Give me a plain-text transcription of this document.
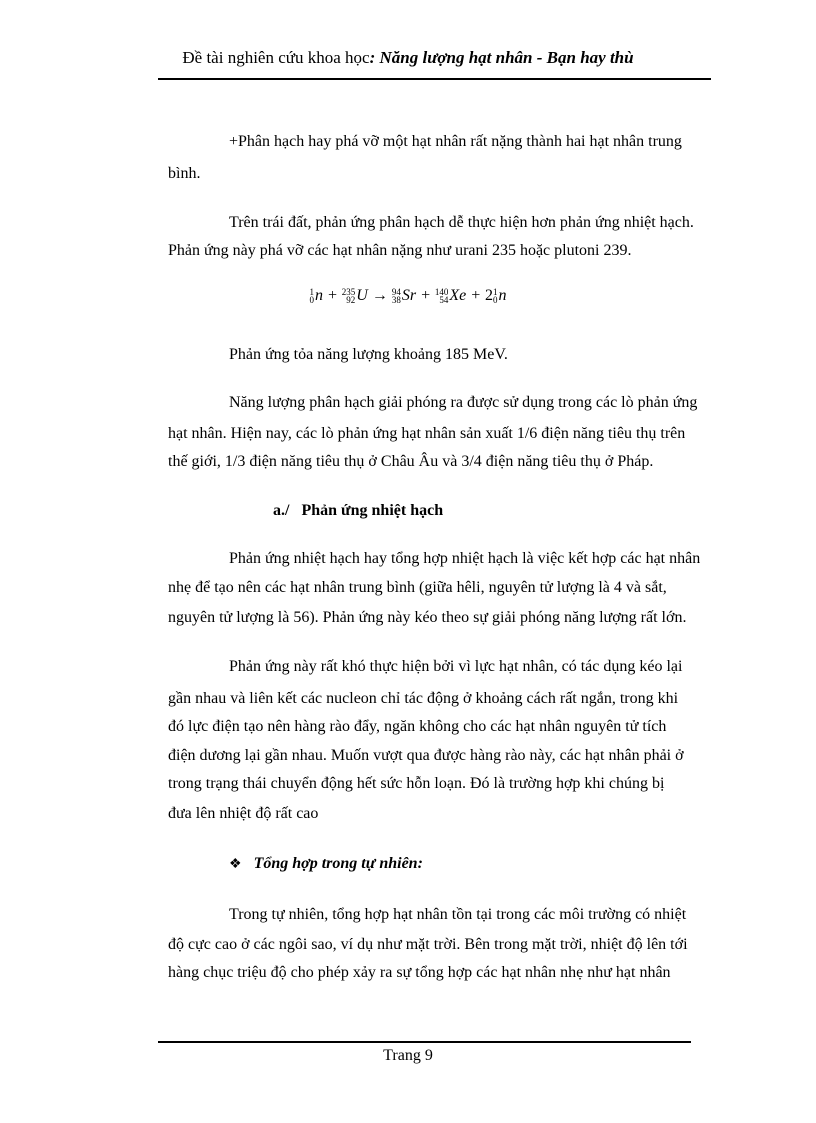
Đề tài nghiên cứu khoa học: Năng lượng hạt nhân - Bạn hay thù
+Phân hạch hay phá vỡ một hạt nhân rất nặng thành hai hạt nhân trung
bình.
Trên trái đất, phản ứng phân hạch dễ thực hiện hơn phản ứng nhiệt hạch.
Phản ứng này phá vỡ các hạt nhân nặng như urani 235 hoặc plutoni 239.
1
0 n + 235
92 U → 94
38 Sr + 140
54 Xe + 2 1
0 n
Phản ứng tỏa năng lượng khoảng 185 MeV.
Năng lượng phân hạch giải phóng ra được sử dụng trong các lò phản ứng
hạt nhân. Hiện nay, các lò phản ứng hạt nhân sản xuất 1/6 điện năng tiêu thụ trên
thế giới, 1/3 điện năng tiêu thụ ở Châu Âu và 3/4 điện năng tiêu thụ ở Pháp.
a./ Phản ứng nhiệt hạch
Phản ứng nhiệt hạch hay tổng hợp nhiệt hạch là việc kết hợp các hạt nhân
nhẹ để tạo nên các hạt nhân trung bình (giữa hêli, nguyên tử lượng là 4 và sắt,
nguyên tử lượng là 56). Phản ứng này kéo theo sự giải phóng năng lượng rất lớn.
Phản ứng này rất khó thực hiện bởi vì lực hạt nhân, có tác dụng kéo lại
gần nhau và liên kết các nucleon chỉ tác động ở khoảng cách rất ngắn, trong khi
đó lực điện tạo nên hàng rào đẩy, ngăn không cho các hạt nhân nguyên tử tích
điện dương lại gần nhau. Muốn vượt qua được hàng rào này, các hạt nhân phải ở
trong trạng thái chuyển động hết sức hỗn loạn. Đó là trường hợp khi chúng bị
đưa lên nhiệt độ rất cao
❖ Tổng hợp trong tự nhiên:
Trong tự nhiên, tổng hợp hạt nhân tồn tại trong các môi trường có nhiệt
độ cực cao ở các ngôi sao, ví dụ như mặt trời. Bên trong mặt trời, nhiệt độ lên tới
hàng chục triệu độ cho phép xảy ra sự tổng hợp các hạt nhân nhẹ như hạt nhân
Trang 9
